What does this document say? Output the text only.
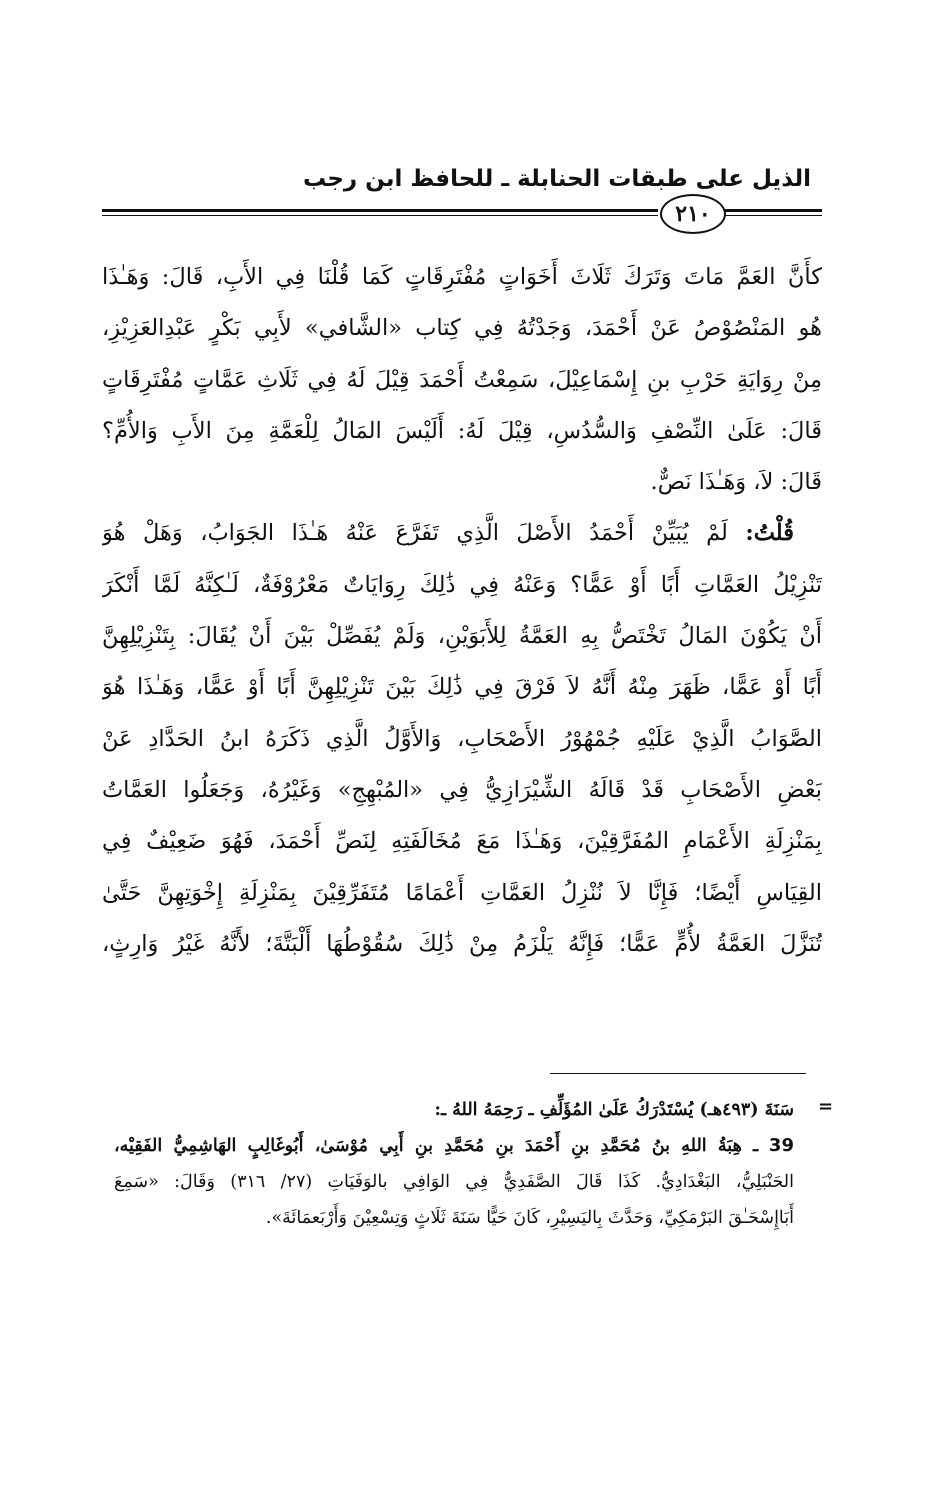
الذيل على طبقات الحنابلة ـ للحافظ ابن رجب
٢١٠
كأَنَّ العَمَّ مَاتَ وَتَرَكَ ثَلَاثَ أَخَوَاتٍ مُفْتَرِقَاتٍ كَمَا قُلْنَا فِي الأَبِ، قَالَ: وَهَـٰذَا
هُو المَنْصُوْصُ عَنْ أَحْمَدَ، وَجَدْتُهُ فِي كِتاب «الشَّافي» لأَبِي بَكْرٍ عَبْدِالعَزِيْزِ،
مِنْ رِوَايَةِ حَرْبِ بنِ إِسْمَاعِيْلَ، سَمِعْتُ أَحْمَدَ قِيْلَ لَهُ فِي ثَلَاثِ عَمَّاتٍ مُفْتَرِقَاتٍ
قَالَ: عَلَىٰ النِّصْفِ وَالسُّدُسِ، قِيْلَ لَهُ: أَلَيْسَ المَالُ لِلْعَمَّةِ مِنَ الأَبِ وَالأُمِّ؟
قَالَ: لاَ، وَهَـٰذَا نَصٌّ.
قُلْتُ: لَمْ يُبَيِّنْ أَحْمَدُ الأَصْلَ الَّذِي تَفَرَّعَ عَنْهُ هَـٰذَا الجَوَابُ، وَهَلْ هُوَ
تَنْزِيْلُ العَمَّاتِ أَبًا أَوْ عَمًّا؟ وَعَنْهُ فِي ذَٰلِكَ رِوَايَاتٌ مَعْرُوْفَةٌ، لَـٰكِنَّهُ لَمَّا أَنْكَرَ
أَنْ يَكُوْنَ المَالُ تَخْتَصُّ بِهِ العَمَّةُ لِلأَبَوَيْنِ، وَلَمْ يُفَصِّلْ بَيْنَ أَنْ يُقَالَ: بِتَنْزِيْلِهِنَّ
أَبًا أَوْ عَمًّا، ظَهَرَ مِنْهُ أَنَّهُ لاَ فَرْقَ فِي ذَٰلِكَ بَيْنَ تَنْزِيْلِهِنَّ أَبًا أَوْ عَمًّا، وَهَـٰذَا هُوَ
الصَّوَابُ الَّذِيْ عَلَيْهِ جُمْهُوْرُ الأَصْحَابِ، وَالأَوَّلُ الَّذِي ذَكَرَهُ ابنُ الحَدَّادِ عَنْ
بَعْضِ الأَصْحَابِ قَدْ قَالَهُ الشِّيْرَازِيُّ فِي «المُبْهِجِ» وَغَيْرُهُ، وَجَعَلُوا العَمَّاتُ
بِمَنْزِلَةِ الأَعْمَامِ المُفَرَّقِيْنَ، وَهَـٰذَا مَعَ مُخَالَفَتِهِ لِنَصِّ أَحْمَدَ، فَهُوَ ضَعِيْفٌ فِي
القِيَاسِ أَيْضًا؛ فَإِنَّا لاَ نُنْزِلُ العَمَّاتِ أَعْمَامًا مُتَفَرِّقِيْنَ بِمَنْزِلَةِ إِخْوَتِهِنَّ حَتَّىٰ
تُنَزَّلَ العَمَّةُ لأُمٍّ عَمًّا؛ فَإِنَّهُ يَلْزَمُ مِنْ ذَٰلِكَ سُقُوْطُهَا أَلْبَتَّةَ؛ لأَنَّهُ غَيْرُ وَارِثٍ،
=
سَنَةَ (٤٩٣هـ) يُسْتَدْرَكُ عَلَىٰ المُؤَلِّفِ ـ رَحِمَهُ اللهُ ـ:
39 ـ هِبَةُ اللهِ بنُ مُحَمَّدِ بنِ أَحْمَدَ بنِ مُحَمَّدِ بنِ أَبِي مُوْسَىٰ، أَبُوغَالِبٍ الهَاشِمِيُّ الفَقِيْه،
الحَنْبَلِيُّ، البَغْدَادِيُّ. كَذَا قَالَ الصَّفَدِيُّ فِي الوَافِي بالوَفَيَاتِ (٢٧/ ٣١٦) وَقَالَ: «سَمِعَ
أَبَاإِسْحَـٰقَ البَرْمَكِيِّ، وَحَدَّثَ بِاليَسِيْرِ، كَانَ حَيًّا سَنَةَ ثَلَاثٍ وَتِسْعِيْنَ وَأَرْبَعمَائَةَ».
